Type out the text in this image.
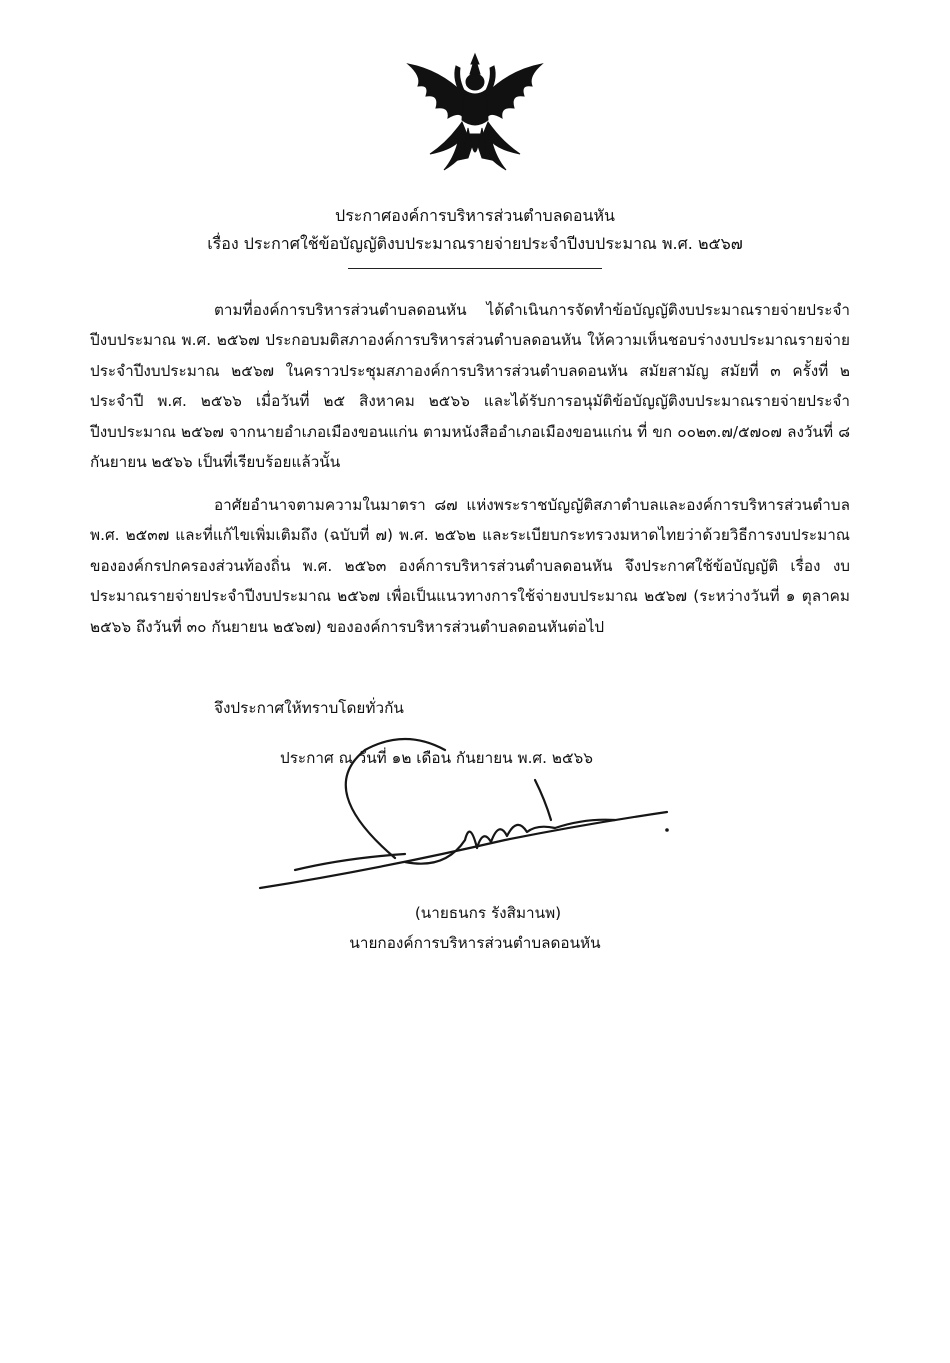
ประกาศองค์การบริหารส่วนตำบลดอนหัน
เรื่อง ประกาศใช้ข้อบัญญัติงบประมาณรายจ่ายประจำปีงบประมาณ พ.ศ. ๒๕๖๗

ตามที่องค์การบริหารส่วนตำบลดอนหัน ได้ดำเนินการจัดทำข้อบัญญัติงบประมาณรายจ่ายประจำปีงบประมาณ พ.ศ. ๒๕๖๗ ประกอบมติสภาองค์การบริหารส่วนตำบลดอนหัน ให้ความเห็นชอบร่างงบประมาณรายจ่ายประจำปีงบประมาณ ๒๕๖๗ ในคราวประชุมสภาองค์การบริหารส่วนตำบลดอนหัน สมัยสามัญ สมัยที่ ๓ ครั้งที่ ๒ ประจำปี พ.ศ. ๒๕๖๖ เมื่อวันที่ ๒๕ สิงหาคม ๒๕๖๖ และได้รับการอนุมัติข้อบัญญัติงบประมาณรายจ่ายประจำปีงบประมาณ ๒๕๖๗ จากนายอำเภอเมืองขอนแก่น ตามหนังสืออำเภอเมืองขอนแก่น ที่ ขก ๐๐๒๓.๗/๕๗๐๗ ลงวันที่ ๘ กันยายน ๒๕๖๖ เป็นที่เรียบร้อยแล้วนั้น

อาศัยอำนาจตามความในมาตรา ๘๗ แห่งพระราชบัญญัติสภาตำบลและองค์การบริหารส่วนตำบล พ.ศ. ๒๕๓๗ และที่แก้ไขเพิ่มเติมถึง (ฉบับที่ ๗) พ.ศ. ๒๕๖๒ และระเบียบกระทรวงมหาดไทยว่าด้วยวิธีการงบประมาณขององค์กรปกครองส่วนท้องถิ่น พ.ศ. ๒๕๖๓ องค์การบริหารส่วนตำบลดอนหัน จึงประกาศใช้ข้อบัญญัติ เรื่อง งบประมาณรายจ่ายประจำปีงบประมาณ ๒๕๖๗ เพื่อเป็นแนวทางการใช้จ่ายงบประมาณ ๒๕๖๗ (ระหว่างวันที่ ๑ ตุลาคม ๒๕๖๖ ถึงวันที่ ๓๐ กันยายน ๒๕๖๗) ขององค์การบริหารส่วนตำบลดอนหันต่อไป

จึงประกาศให้ทราบโดยทั่วกัน
ประกาศ ณ วันที่ ๑๒ เดือน กันยายน พ.ศ. ๒๕๖๖
(นายธนกร รังสิมานพ)
นายกองค์การบริหารส่วนตำบลดอนหัน
